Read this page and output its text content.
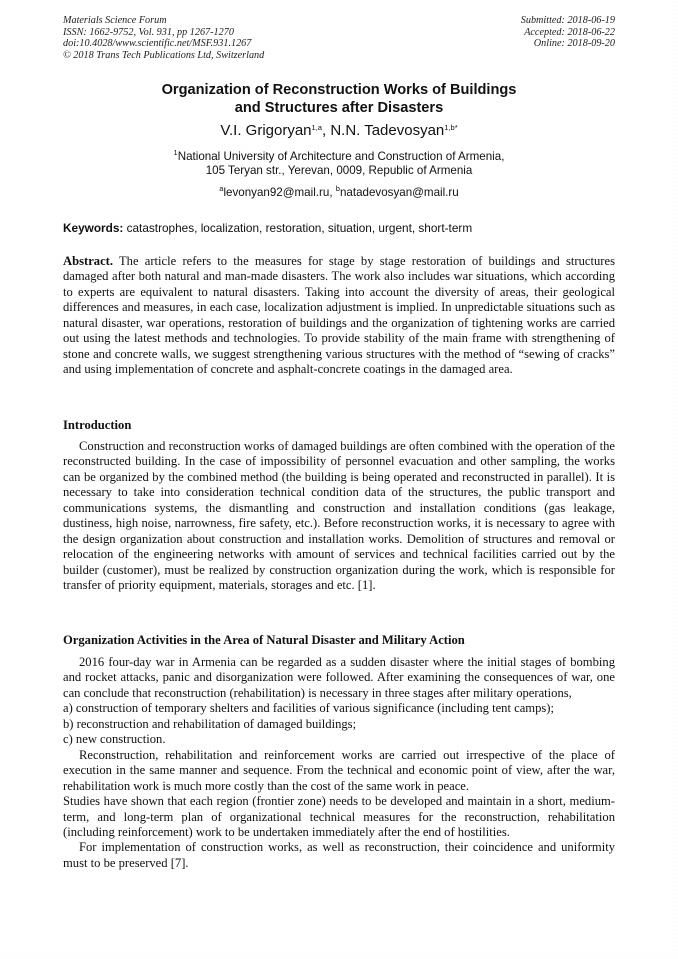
Materials Science Forum
ISSN: 1662-9752, Vol. 931, pp 1267-1270
doi:10.4028/www.scientific.net/MSF.931.1267
© 2018 Trans Tech Publications Ltd, Switzerland
Submitted: 2018-06-19
Accepted: 2018-06-22
Online: 2018-09-20
Organization of Reconstruction Works of Buildings
and Structures after Disasters
V.I. Grigoryan$^{1,a}$, N.N. Tadevosyan$^{1,b*}$
$^1$National University of Architecture and Construction of Armenia,
105 Teryan str., Yerevan, 0009, Republic of Armenia
$^a$levonyan92@mail.ru, $^b$natadevosyan@mail.ru
Keywords: catastrophes, localization, restoration, situation, urgent, short-term

Abstract. The article refers to the measures for stage by stage restoration of buildings and structures damaged after both natural and man-made disasters. The work also includes war situations, which according to experts are equivalent to natural disasters. Taking into account the diversity of areas, their geological differences and measures, in each case, localization adjustment is implied. In unpredictable situations such as natural disaster, war operations, restoration of buildings and the organization of tightening works are carried out using the latest methods and technologies. To provide stability of the main frame with strengthening of stone and concrete walls, we suggest strengthening various structures with the method of “sewing of cracks” and using implementation of concrete and asphalt-concrete coatings in the damaged area.

Introduction

Construction and reconstruction works of damaged buildings are often combined with the operation of the reconstructed building. In the case of impossibility of personnel evacuation and other sampling, the works can be organized by the combined method (the building is being operated and reconstructed in parallel). It is necessary to take into consideration technical condition data of the structures, the public transport and communications systems, the dismantling and construction and installation conditions (gas leakage, dustiness, high noise, narrowness, fire safety, etc.). Before reconstruction works, it is necessary to agree with the design organization about construction and installation works. Demolition of structures and removal or relocation of the engineering networks with amount of services and technical facilities carried out by the builder (customer), must be realized by construction organization during the work, which is responsible for transfer of priority equipment, materials, storages and etc. [1].

Organization Activities in the Area of Natural Disaster and Military Action

2016 four-day war in Armenia can be regarded as a sudden disaster where the initial stages of bombing and rocket attacks, panic and disorganization were followed. After examining the consequences of war, one can conclude that reconstruction (rehabilitation) is necessary in three stages after military operations,

a) construction of temporary shelters and facilities of various significance (including tent camps);

b) reconstruction and rehabilitation of damaged buildings;

c) new construction.

Reconstruction, rehabilitation and reinforcement works are carried out irrespective of the place of execution in the same manner and sequence. From the technical and economic point of view, after the war, rehabilitation work is much more costly than the cost of the same work in peace.

Studies have shown that each region (frontier zone) needs to be developed and maintain in a short, medium-term, and long-term plan of organizational technical measures for the reconstruction, rehabilitation (including reinforcement) work to be undertaken immediately after the end of hostilities.

For implementation of construction works, as well as reconstruction, their coincidence and uniformity must to be preserved [7].
